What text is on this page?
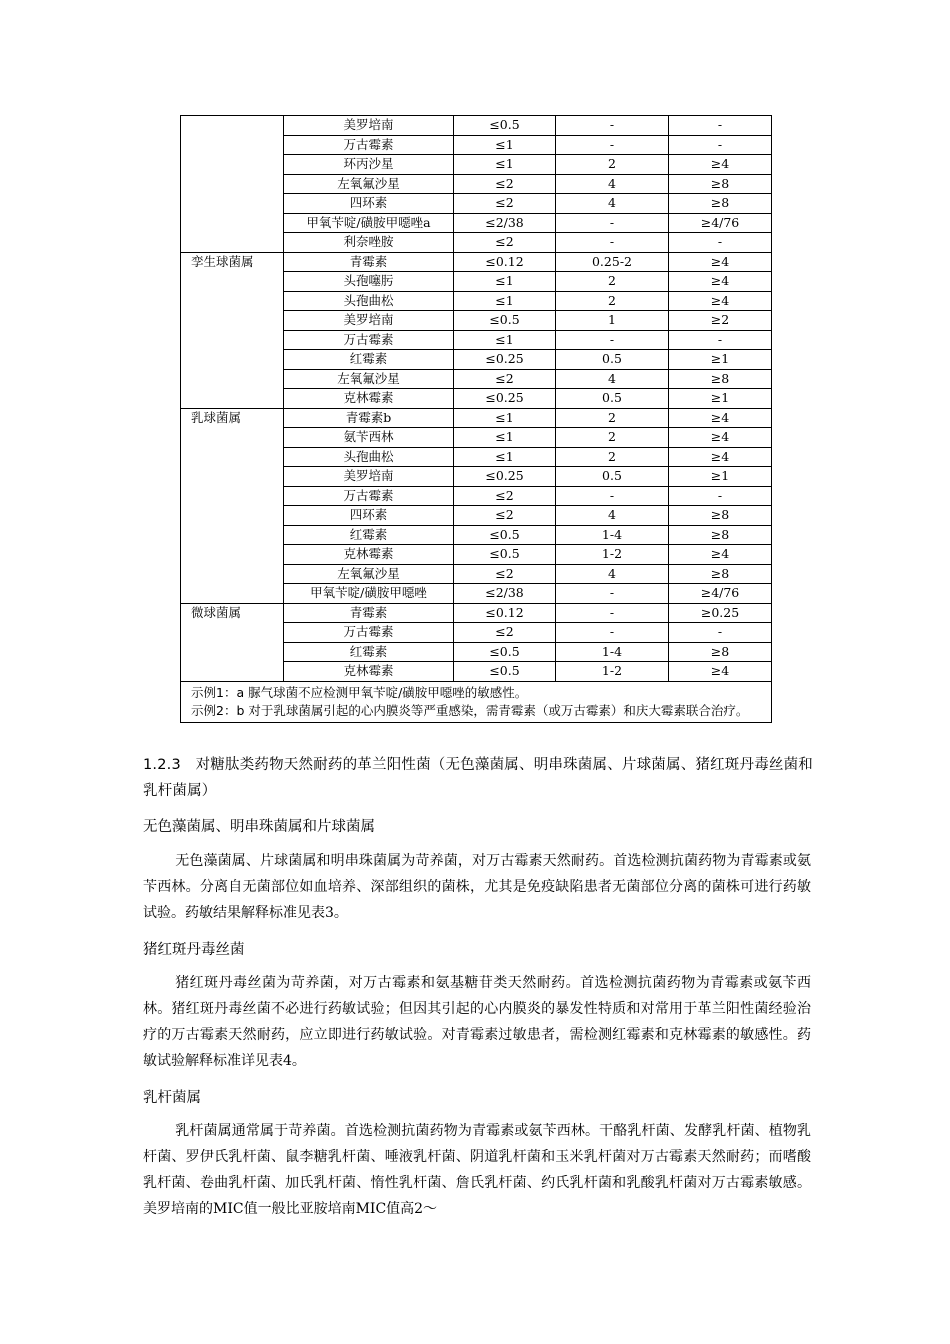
	美罗培南	≤0.5	-	-
	万古霉素	≤1	-	-
	环丙沙星	≤1	2	≥4
	左氧氟沙星	≤2	4	≥8
	四环素	≤2	4	≥8
	甲氧苄啶/磺胺甲噁唑a	≤2/38	-	≥4/76
	利奈唑胺	≤2	-	-
孪生球菌属	青霉素	≤0.12	0.25-2	≥4
	头孢噻肟	≤1	2	≥4
	头孢曲松	≤1	2	≥4
	美罗培南	≤0.5	1	≥2
	万古霉素	≤1	-	-
	红霉素	≤0.25	0.5	≥1
	左氧氟沙星	≤2	4	≥8
	克林霉素	≤0.25	0.5	≥1
乳球菌属	青霉素b	≤1	2	≥4
	氨苄西林	≤1	2	≥4
	头孢曲松	≤1	2	≥4
	美罗培南	≤0.25	0.5	≥1
	万古霉素	≤2	-	-
	四环素	≤2	4	≥8
	红霉素	≤0.5	1-4	≥8
	克林霉素	≤0.5	1-2	≥4
	左氧氟沙星	≤2	4	≥8
	甲氧苄啶/磺胺甲噁唑	≤2/38	-	≥4/76
微球菌属	青霉素	≤0.12	-	≥0.25
	万古霉素	≤2	-	-
	红霉素	≤0.5	1-4	≥8
	克林霉素	≤0.5	1-2	≥4

示例1：a 脲气球菌不应检测甲氧苄啶/磺胺甲噁唑的敏感性。
示例2：b 对于乳球菌属引起的心内膜炎等严重感染，需青霉素（或万古霉素）和庆大霉素联合治疗。				
1.2.3　对糖肽类药物天然耐药的革兰阳性菌（无色藻菌属、明串珠菌属、片球菌属、猪红斑丹毒丝菌和乳杆菌属）
无色藻菌属、明串珠菌属和片球菌属
无色藻菌属、片球菌属和明串珠菌属为苛养菌，对万古霉素天然耐药。首选检测抗菌药物为青霉素或氨苄西林。分离自无菌部位如血培养、深部组织的菌株，尤其是免疫缺陷患者无菌部位分离的菌株可进行药敏试验。药敏结果解释标准见表3。
猪红斑丹毒丝菌
猪红斑丹毒丝菌为苛养菌，对万古霉素和氨基糖苷类天然耐药。首选检测抗菌药物为青霉素或氨苄西林。猪红斑丹毒丝菌不必进行药敏试验；但因其引起的心内膜炎的暴发性特质和对常用于革兰阳性菌经验治疗的万古霉素天然耐药，应立即进行药敏试验。对青霉素过敏患者，需检测红霉素和克林霉素的敏感性。药敏试验解释标准详见表4。
乳杆菌属
乳杆菌属通常属于苛养菌。首选检测抗菌药物为青霉素或氨苄西林。干酪乳杆菌、发酵乳杆菌、植物乳杆菌、罗伊氏乳杆菌、鼠李糖乳杆菌、唾液乳杆菌、阴道乳杆菌和玉米乳杆菌对万古霉素天然耐药；而嗜酸乳杆菌、卷曲乳杆菌、加氏乳杆菌、惰性乳杆菌、詹氏乳杆菌、约氏乳杆菌和乳酸乳杆菌对万古霉素敏感。美罗培南的MIC值一般比亚胺培南MIC值高2～
